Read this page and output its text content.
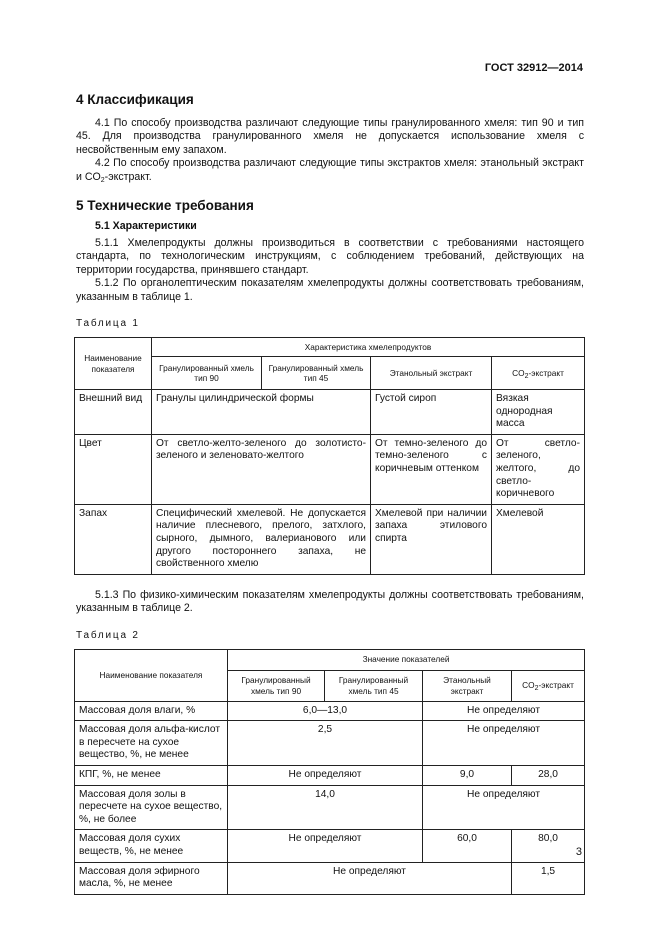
ГОСТ 32912—2014
4 Классификация

4.1 По способу производства различают следующие типы гранулированного хмеля: тип 90 и тип 45. Для производства гранулированного хмеля не допускается использование хмеля с несвойственным ему запахом.

4.2 По способу производства различают следующие типы экстрактов хмеля: этанольный экстракт и $CO_2$-экстракт.

5 Технические требования
5.1 Характеристики

5.1.1 Хмелепродукты должны производиться в соответствии с требованиями настоящего стандарта, по технологическим инструкциям, с соблюдением требований, действующих на территории государства, принявшего стандарт.

5.1.2 По органолептическим показателям хмелепродукты должны соответствовать требованиям, указанным в таблице 1.

Таблица 1
Наименование показателя	Характеристика хмелепродуктов			
	Гранулированный хмель тип 90	Гранулированный хмель тип 45	Этанольный экстракт	$CO_2$-экстракт
Внешний вид	Гранулы цилиндрической формы		Густой сироп	Вязкая однородная масса
Цвет	От светло-желто-зеленого до золотисто-зеленого и зеленовато-желтого		От темно-зеленого до темно-зеленого с коричневым оттенком	От светло-зеленого, желтого, до светло-коричневого
Запах	Специфический хмелевой. Не допускается наличие плесневого, прелого, затхлого, сырного, дымного, валерианового или другого постороннего запаха, не свойственного хмелю		Хмелевой при наличии запаха этилового спирта	Хмелевой

5.1.3 По физико-химическим показателям хмелепродукты должны соответствовать требованиям, указанным в таблице 2.

Таблица 2
Наименование показателя	Значение показателей			
	Гранулированный хмель тип 90	Гранулированный хмель тип 45	Этанольный экстракт	$CO_2$-экстракт
Массовая доля влаги, %	6,0—13,0		Не определяют	
Массовая доля альфа-кислот в пересчете на сухое вещество, %, не менее	2,5		Не определяют	
КПГ, %, не менее	Не определяют		9,0	28,0
Массовая доля золы в пересчете на сухое вещество, %, не более	14,0		Не определяют	
Массовая доля сухих веществ, %, не менее	Не определяют		60,0	80,0
Массовая доля эфирного масла, %, не менее	Не определяют			1,5
3
